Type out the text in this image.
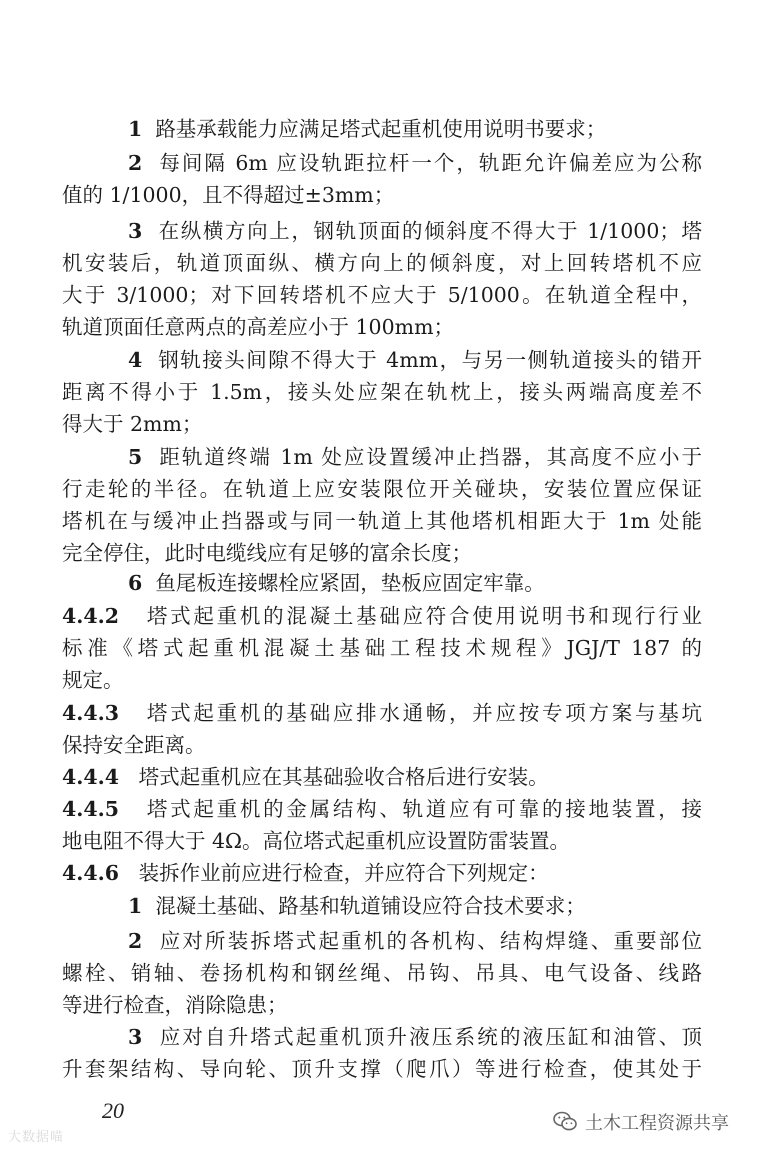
1 路基承载能力应满足塔式起重机使用说明书要求；

2 每间隔 6m 应设轨距拉杆一个，轨距允许偏差应为公称
值的 1/1000，且不得超过±3mm；
3 在纵横方向上，钢轨顶面的倾斜度不得大于 1/1000；塔
机安装后，轨道顶面纵、横方向上的倾斜度，对上回转塔机不应
大于 3/1000；对下回转塔机不应大于 5/1000。在轨道全程中，
轨道顶面任意两点的高差应小于 100mm；
4 钢轨接头间隙不得大于 4mm，与另一侧轨道接头的错开
距离不得小于 1.5m，接头处应架在轨枕上，接头两端高度差不
得大于 2mm；
5 距轨道终端 1m 处应设置缓冲止挡器，其高度不应小于
行走轮的半径。在轨道上应安装限位开关碰块，安装位置应保证
塔机在与缓冲止挡器或与同一轨道上其他塔机相距大于 1m 处能
完全停住，此时电缆线应有足够的富余长度；

6 鱼尾板连接螺栓应紧固，垫板应固定牢靠。

4.4.2 塔式起重机的混凝土基础应符合使用说明书和现行行业
标准《塔式起重机混凝土基础工程技术规程》JGJ/T 187 的
规定。
4.4.3 塔式起重机的基础应排水通畅，并应按专项方案与基坑
保持安全距离。
4.4.4 塔式起重机应在其基础验收合格后进行安装。
4.4.5 塔式起重机的金属结构、轨道应有可靠的接地装置，接
地电阻不得大于 4Ω。高位塔式起重机应设置防雷装置。
4.4.6 装拆作业前应进行检查，并应符合下列规定：

1 混凝土基础、路基和轨道铺设应符合技术要求；

2 应对所装拆塔式起重机的各机构、结构焊缝、重要部位
螺栓、销轴、卷扬机构和钢丝绳、吊钩、吊具、电气设备、线路
等进行检查，消除隐患；
3 应对自升塔式起重机顶升液压系统的液压缸和油管、顶
升套架结构、导向轮、顶升支撑（爬爪）等进行检查，使其处于
20
大数据喵
土木工程资源共享
